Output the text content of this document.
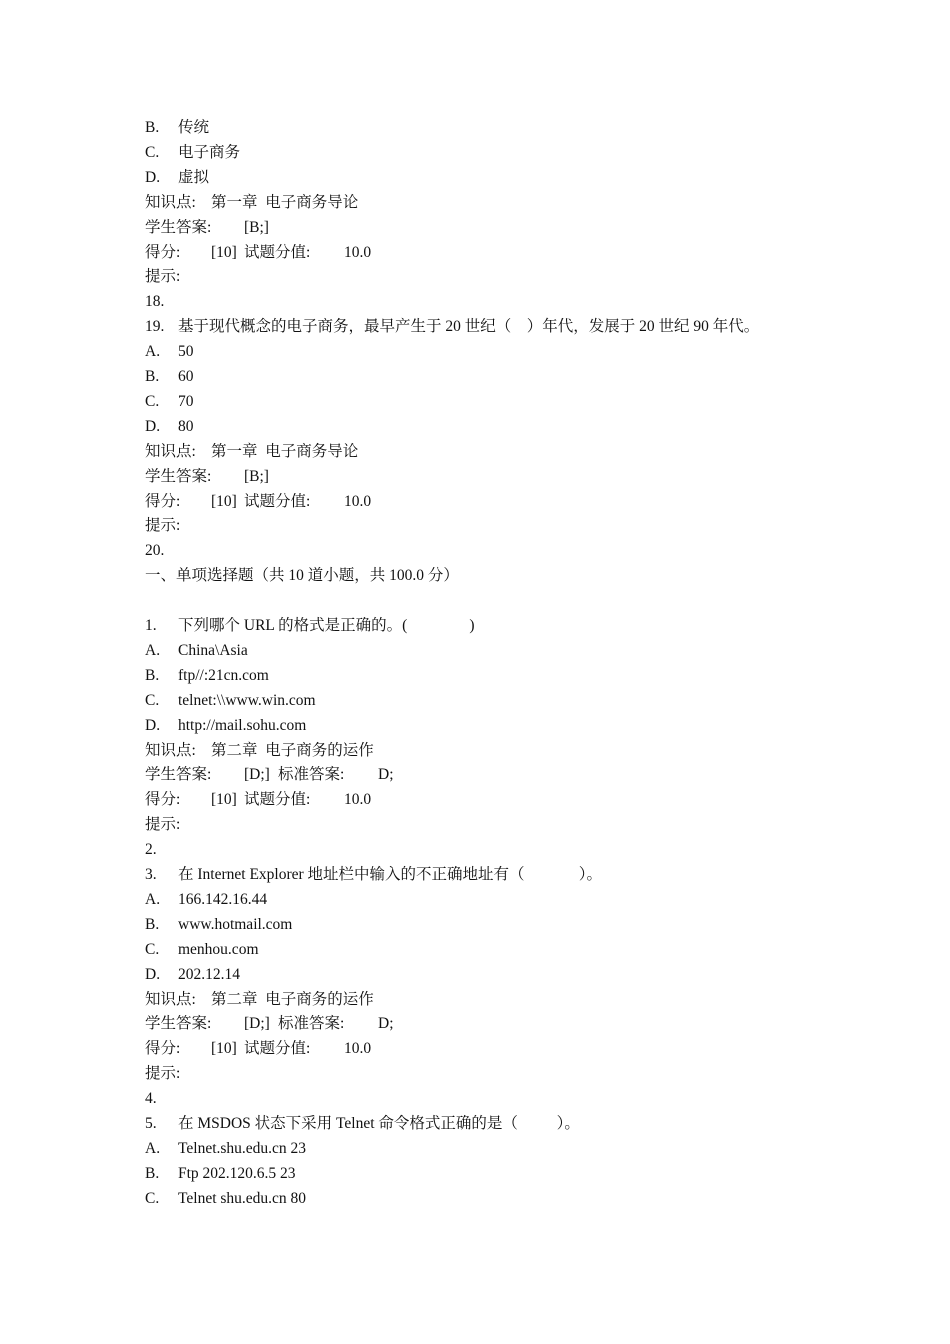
B. 传统
C. 电子商务
D. 虚拟
知识点: 第一章  电子商务导论
学生答案: [B;]
得分: [10] 试题分值: 10.0
提示:
18.
19. 基于现代概念的电子商务，最早产生于 20 世纪（    ）年代，发展于 20 世纪 90 年代。
A. 50
B. 60
C. 70
D. 80
知识点: 第一章  电子商务导论
学生答案: [B;]
得分: [10] 试题分值: 10.0
提示:
20.
一、单项选择题（共 10 道小题，共 100.0 分）
1. 下列哪个 URL 的格式是正确的。(                )
A. China\Asia
B. ftp//:21cn.com
C. telnet:\\www.win.com
D. http://mail.sohu.com
知识点: 第二章  电子商务的运作
学生答案: [D;] 标准答案: D;
得分: [10] 试题分值: 10.0
提示:
2.
3. 在 Internet Explorer 地址栏中输入的不正确地址有（              ）。
A. 166.142.16.44
B. www.hotmail.com
C. menhou.com
D. 202.12.14
知识点: 第二章  电子商务的运作
学生答案: [D;] 标准答案: D;
得分: [10] 试题分值: 10.0
提示:
4.
5. 在 MSDOS 状态下采用 Telnet 命令格式正确的是（          ）。
A. Telnet.shu.edu.cn 23
B. Ftp 202.120.6.5 23
C. Telnet shu.edu.cn 80
